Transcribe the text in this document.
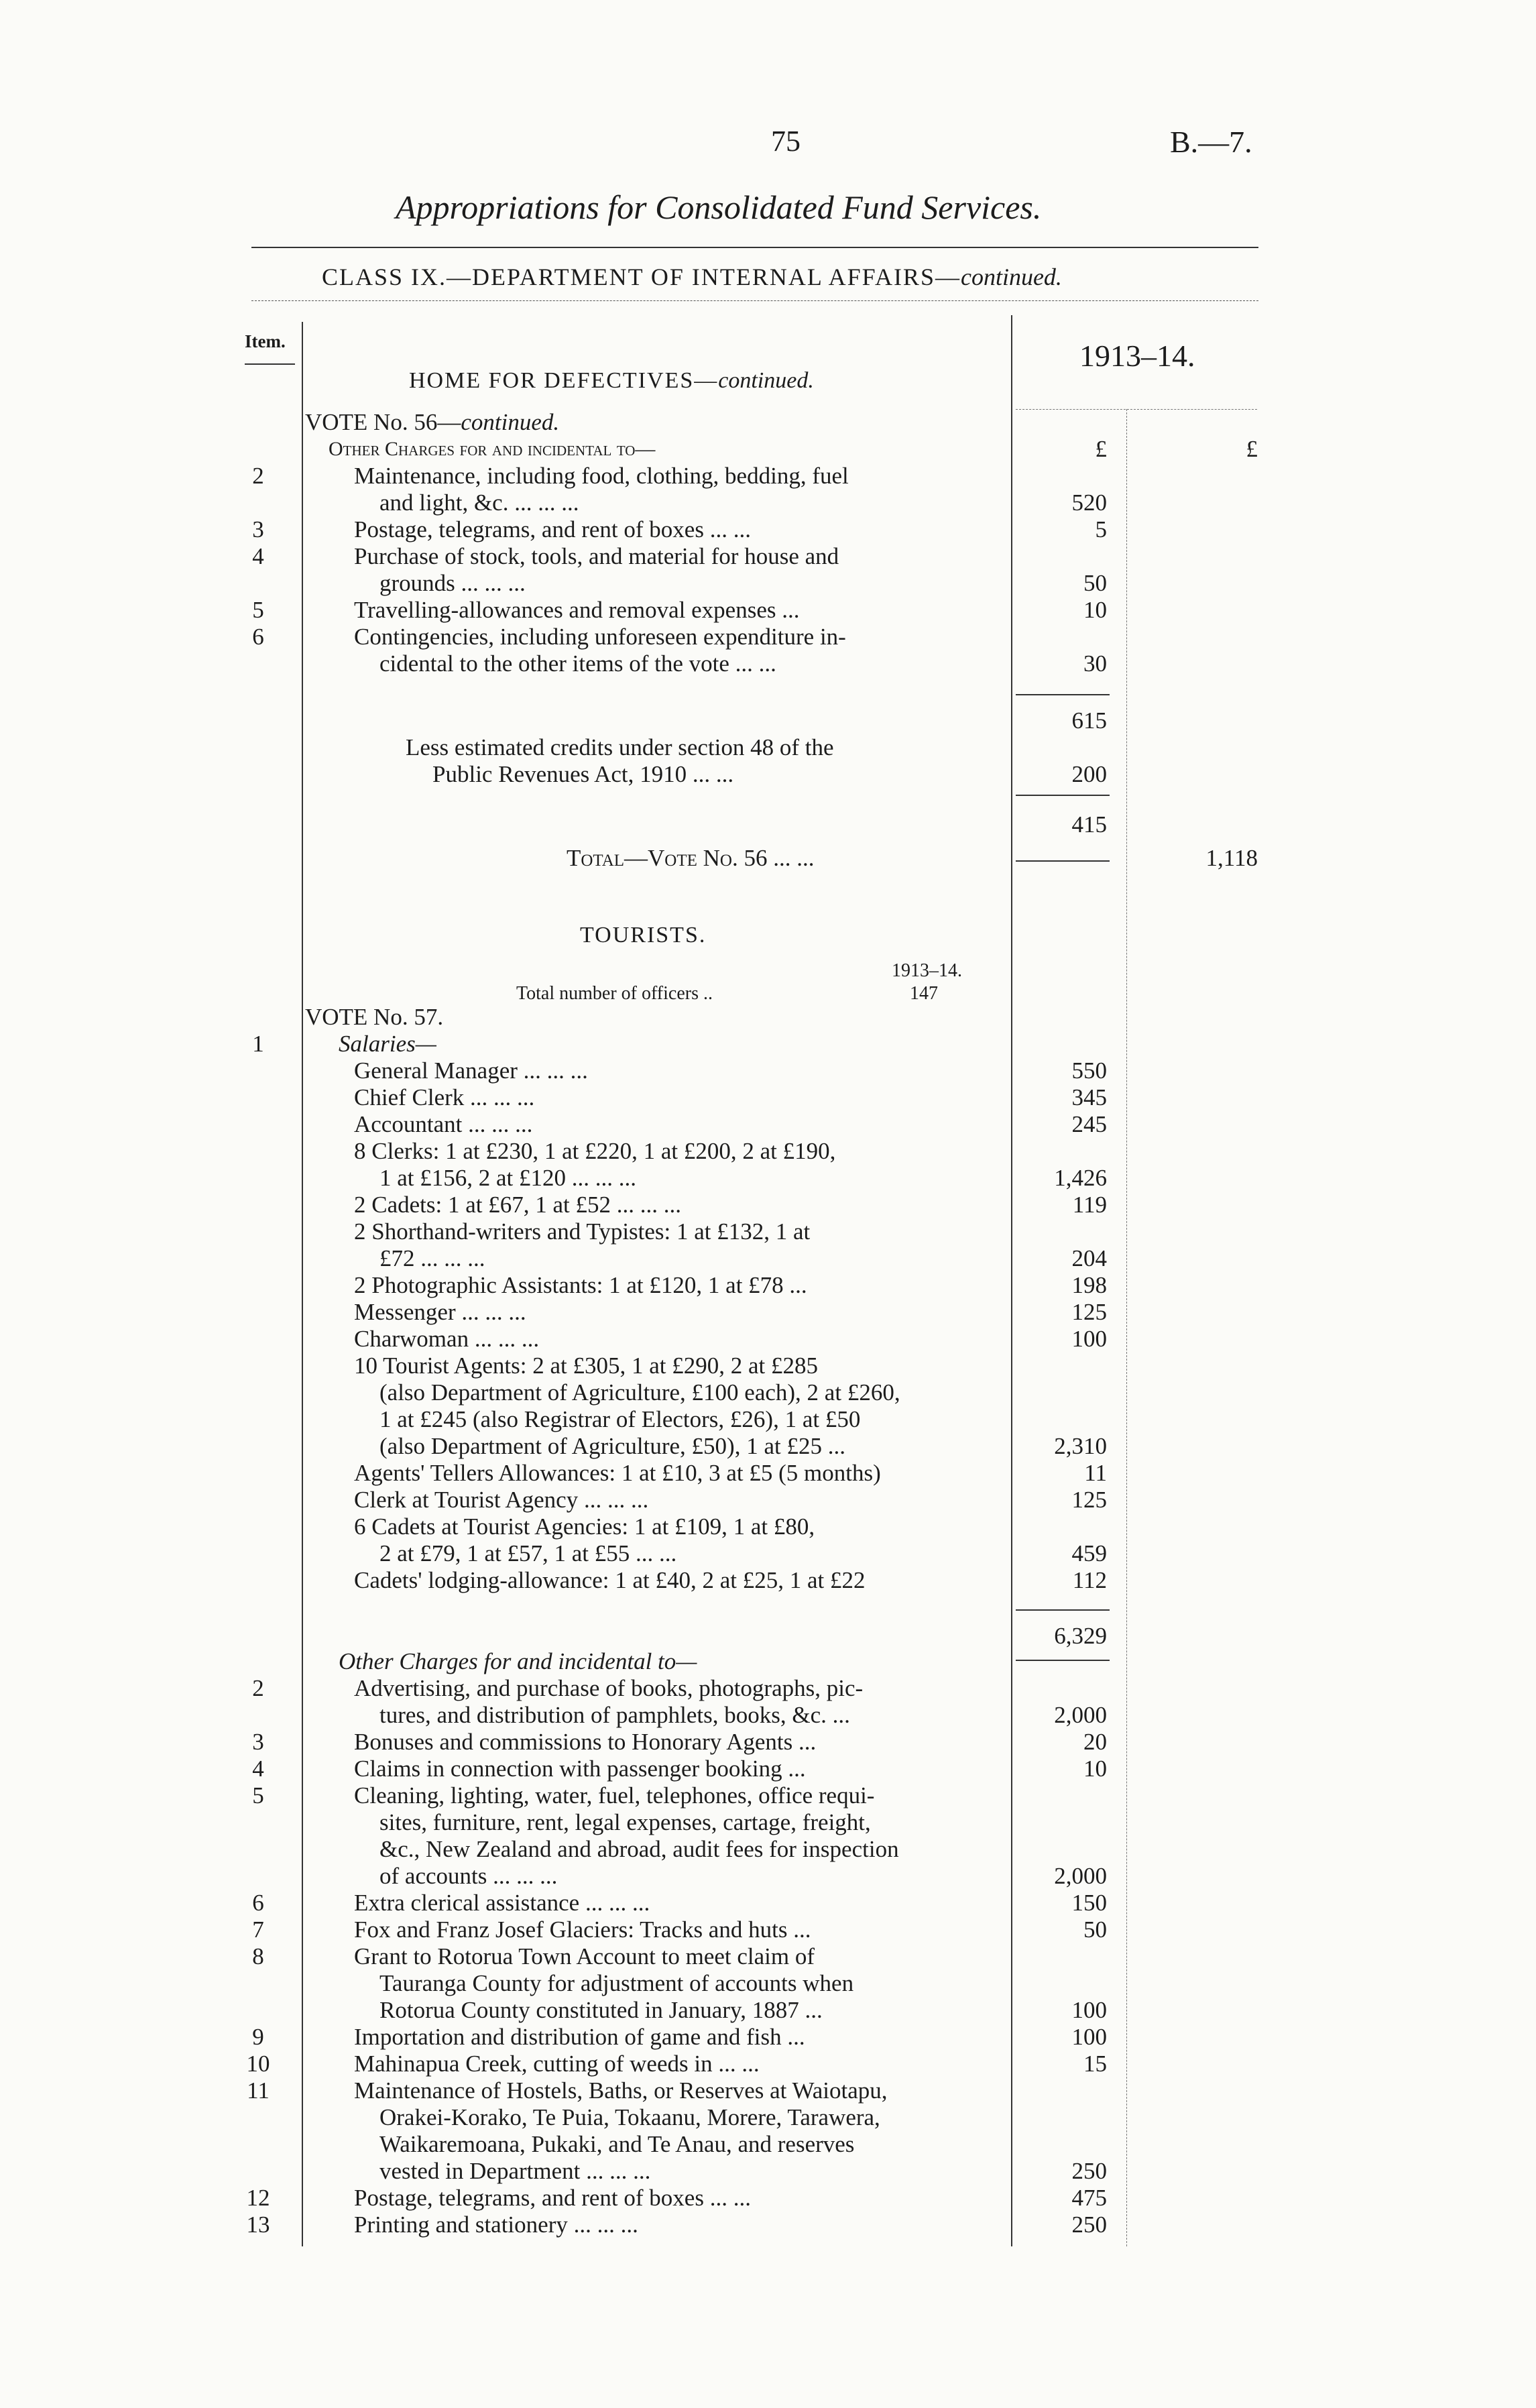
75	B.—7.
Appropriations for Consolidated Fund Services.
CLASS IX.—DEPARTMENT OF INTERNAL AFFAIRS—continued.
Item.	1913–14.
HOME FOR DEFECTIVES—continued.
VOTE No. 56—continued.
Other Charges for and incidental to—	£	£
2	Maintenance, including food, clothing, bedding, fuel
and light, &c. ... ... ...	520
3	Postage, telegrams, and rent of boxes ... ...	5
4	Purchase of stock, tools, and material for house and
grounds ... ... ...	50
5	Travelling-allowances and removal expenses ...	10
6	Contingencies, including unforeseen expenditure in-
cidental to the other items of the vote ... ...	30
615
Less estimated credits under section 48 of the
Public Revenues Act, 1910 ... ...	200
415
Total—Vote No. 56 ... ...	1,118
TOURISTS.
1913–14.
Total number of officers ..	147
VOTE No. 57.
1	Salaries—
General Manager ... ... ...	550
Chief Clerk ... ... ...	345
Accountant ... ... ...	245
8 Clerks: 1 at £230, 1 at £220, 1 at £200, 2 at £190,
1 at £156, 2 at £120 ... ... ...	1,426
2 Cadets: 1 at £67, 1 at £52 ... ... ...	119
2 Shorthand-writers and Typistes: 1 at £132, 1 at
£72 ... ... ...	204
2 Photographic Assistants: 1 at £120, 1 at £78 ...	198
Messenger ... ... ...	125
Charwoman ... ... ...	100
10 Tourist Agents: 2 at £305, 1 at £290, 2 at £285
(also Department of Agriculture, £100 each), 2 at £260,
1 at £245 (also Registrar of Electors, £26), 1 at £50
(also Department of Agriculture, £50), 1 at £25 ...	2,310
Agents' Tellers Allowances: 1 at £10, 3 at £5 (5 months)	11
Clerk at Tourist Agency ... ... ...	125
6 Cadets at Tourist Agencies: 1 at £109, 1 at £80,
2 at £79, 1 at £57, 1 at £55 ... ...	459
Cadets' lodging-allowance: 1 at £40, 2 at £25, 1 at £22	112
6,329
Other Charges for and incidental to—
2	Advertising, and purchase of books, photographs, pic-
tures, and distribution of pamphlets, books, &c. ...	2,000
3	Bonuses and commissions to Honorary Agents ...	20
4	Claims in connection with passenger booking ...	10
5	Cleaning, lighting, water, fuel, telephones, office requi-
sites, furniture, rent, legal expenses, cartage, freight,
&c., New Zealand and abroad, audit fees for inspection
of accounts ... ... ...	2,000
6	Extra clerical assistance ... ... ...	150
7	Fox and Franz Josef Glaciers: Tracks and huts ...	50
8	Grant to Rotorua Town Account to meet claim of
Tauranga County for adjustment of accounts when
Rotorua County constituted in January, 1887 ...	100
9	Importation and distribution of game and fish ...	100
10	Mahinapua Creek, cutting of weeds in ... ...	15
11	Maintenance of Hostels, Baths, or Reserves at Waiotapu,
Orakei-Korako, Te Puia, Tokaanu, Morere, Tarawera,
Waikaremoana, Pukaki, and Te Anau, and reserves
vested in Department ... ... ...	250
12	Postage, telegrams, and rent of boxes ... ...	475
13	Printing and stationery ... ... ...	250
